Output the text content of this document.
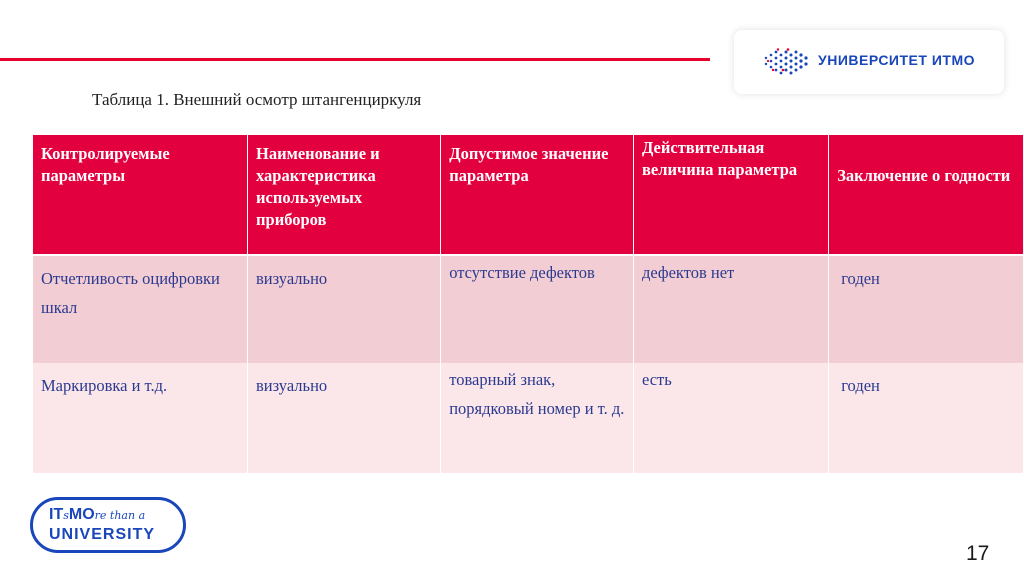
УНИВЕРСИТЕТ ИТМО
Таблица 1. Внешний осмотр штангенциркуля
Контролируемые параметры	Наименование и характеристика используемых приборов	Допустимое значение параметра	Действительная величина параметра	Заключение о годности
Отчетливость оцифровки шкал	визуально	отсутствие дефектов	дефектов нет	годен
Маркировка и т.д.	визуально	товарный знак, порядковый номер и т. д.	есть	годен
ITsMOre than a
UNIVERSITY
17
